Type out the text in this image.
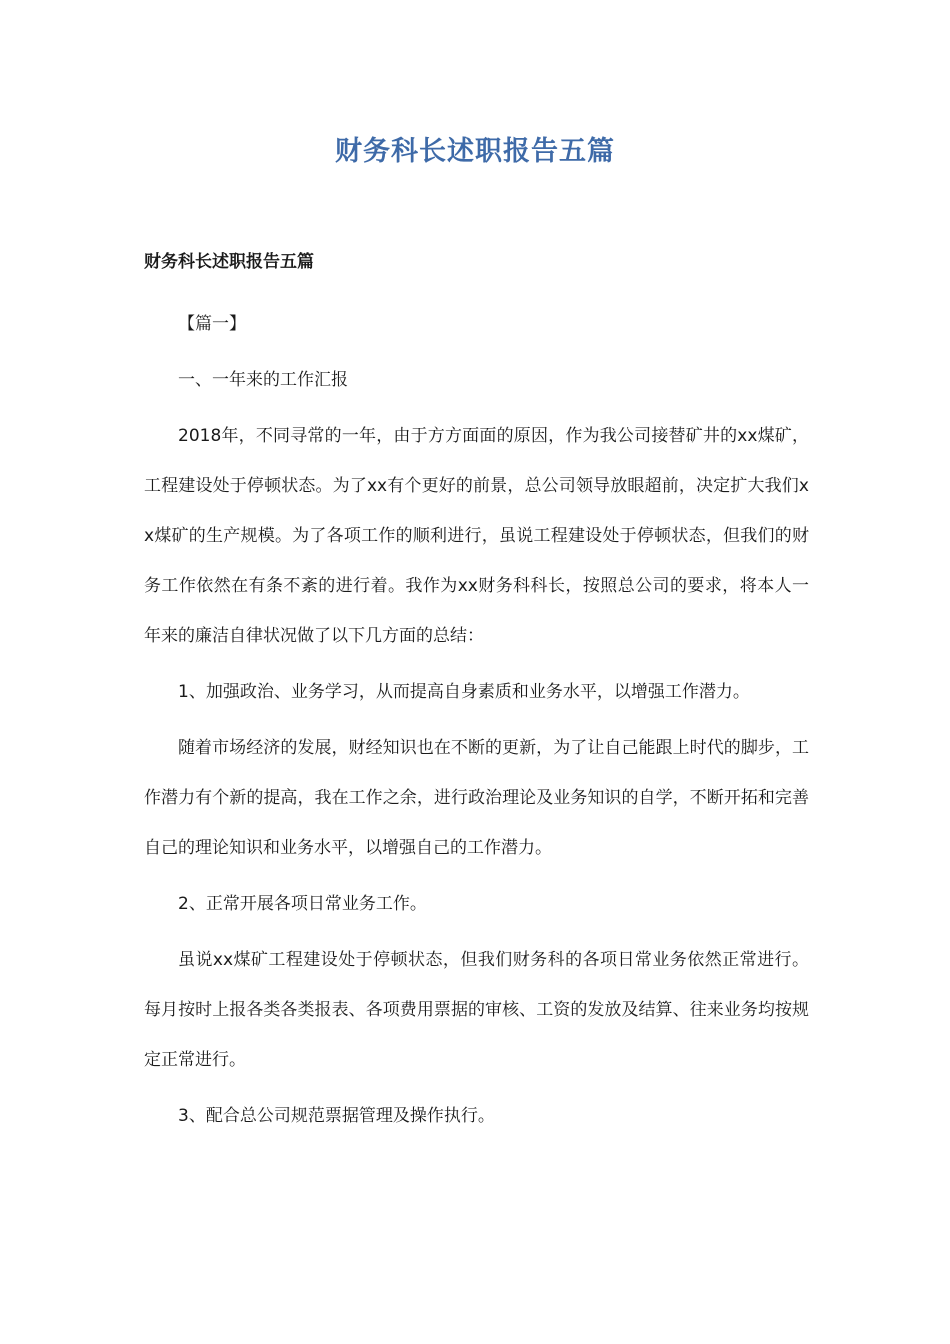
财务科长述职报告五篇
财务科长述职报告五篇

【篇一】

一、一年来的工作汇报

2018年，不同寻常的一年，由于方方面面的原因，作为我公司接替矿井的xx煤矿，工程建设处于停顿状态。为了xx有个更好的前景，总公司领导放眼超前，决定扩大我们xx煤矿的生产规模。为了各项工作的顺利进行，虽说工程建设处于停顿状态，但我们的财务工作依然在有条不紊的进行着。我作为xx财务科科长，按照总公司的要求，将本人一年来的廉洁自律状况做了以下几方面的总结：

1、加强政治、业务学习，从而提高自身素质和业务水平，以增强工作潜力。

随着市场经济的发展，财经知识也在不断的更新，为了让自己能跟上时代的脚步，工作潜力有个新的提高，我在工作之余，进行政治理论及业务知识的自学，不断开拓和完善自己的理论知识和业务水平，以增强自己的工作潜力。

2、正常开展各项日常业务工作。

虽说xx煤矿工程建设处于停顿状态，但我们财务科的各项日常业务依然正常进行。每月按时上报各类各类报表、各项费用票据的审核、工资的发放及结算、往来业务均按规定正常进行。

3、配合总公司规范票据管理及操作执行。
